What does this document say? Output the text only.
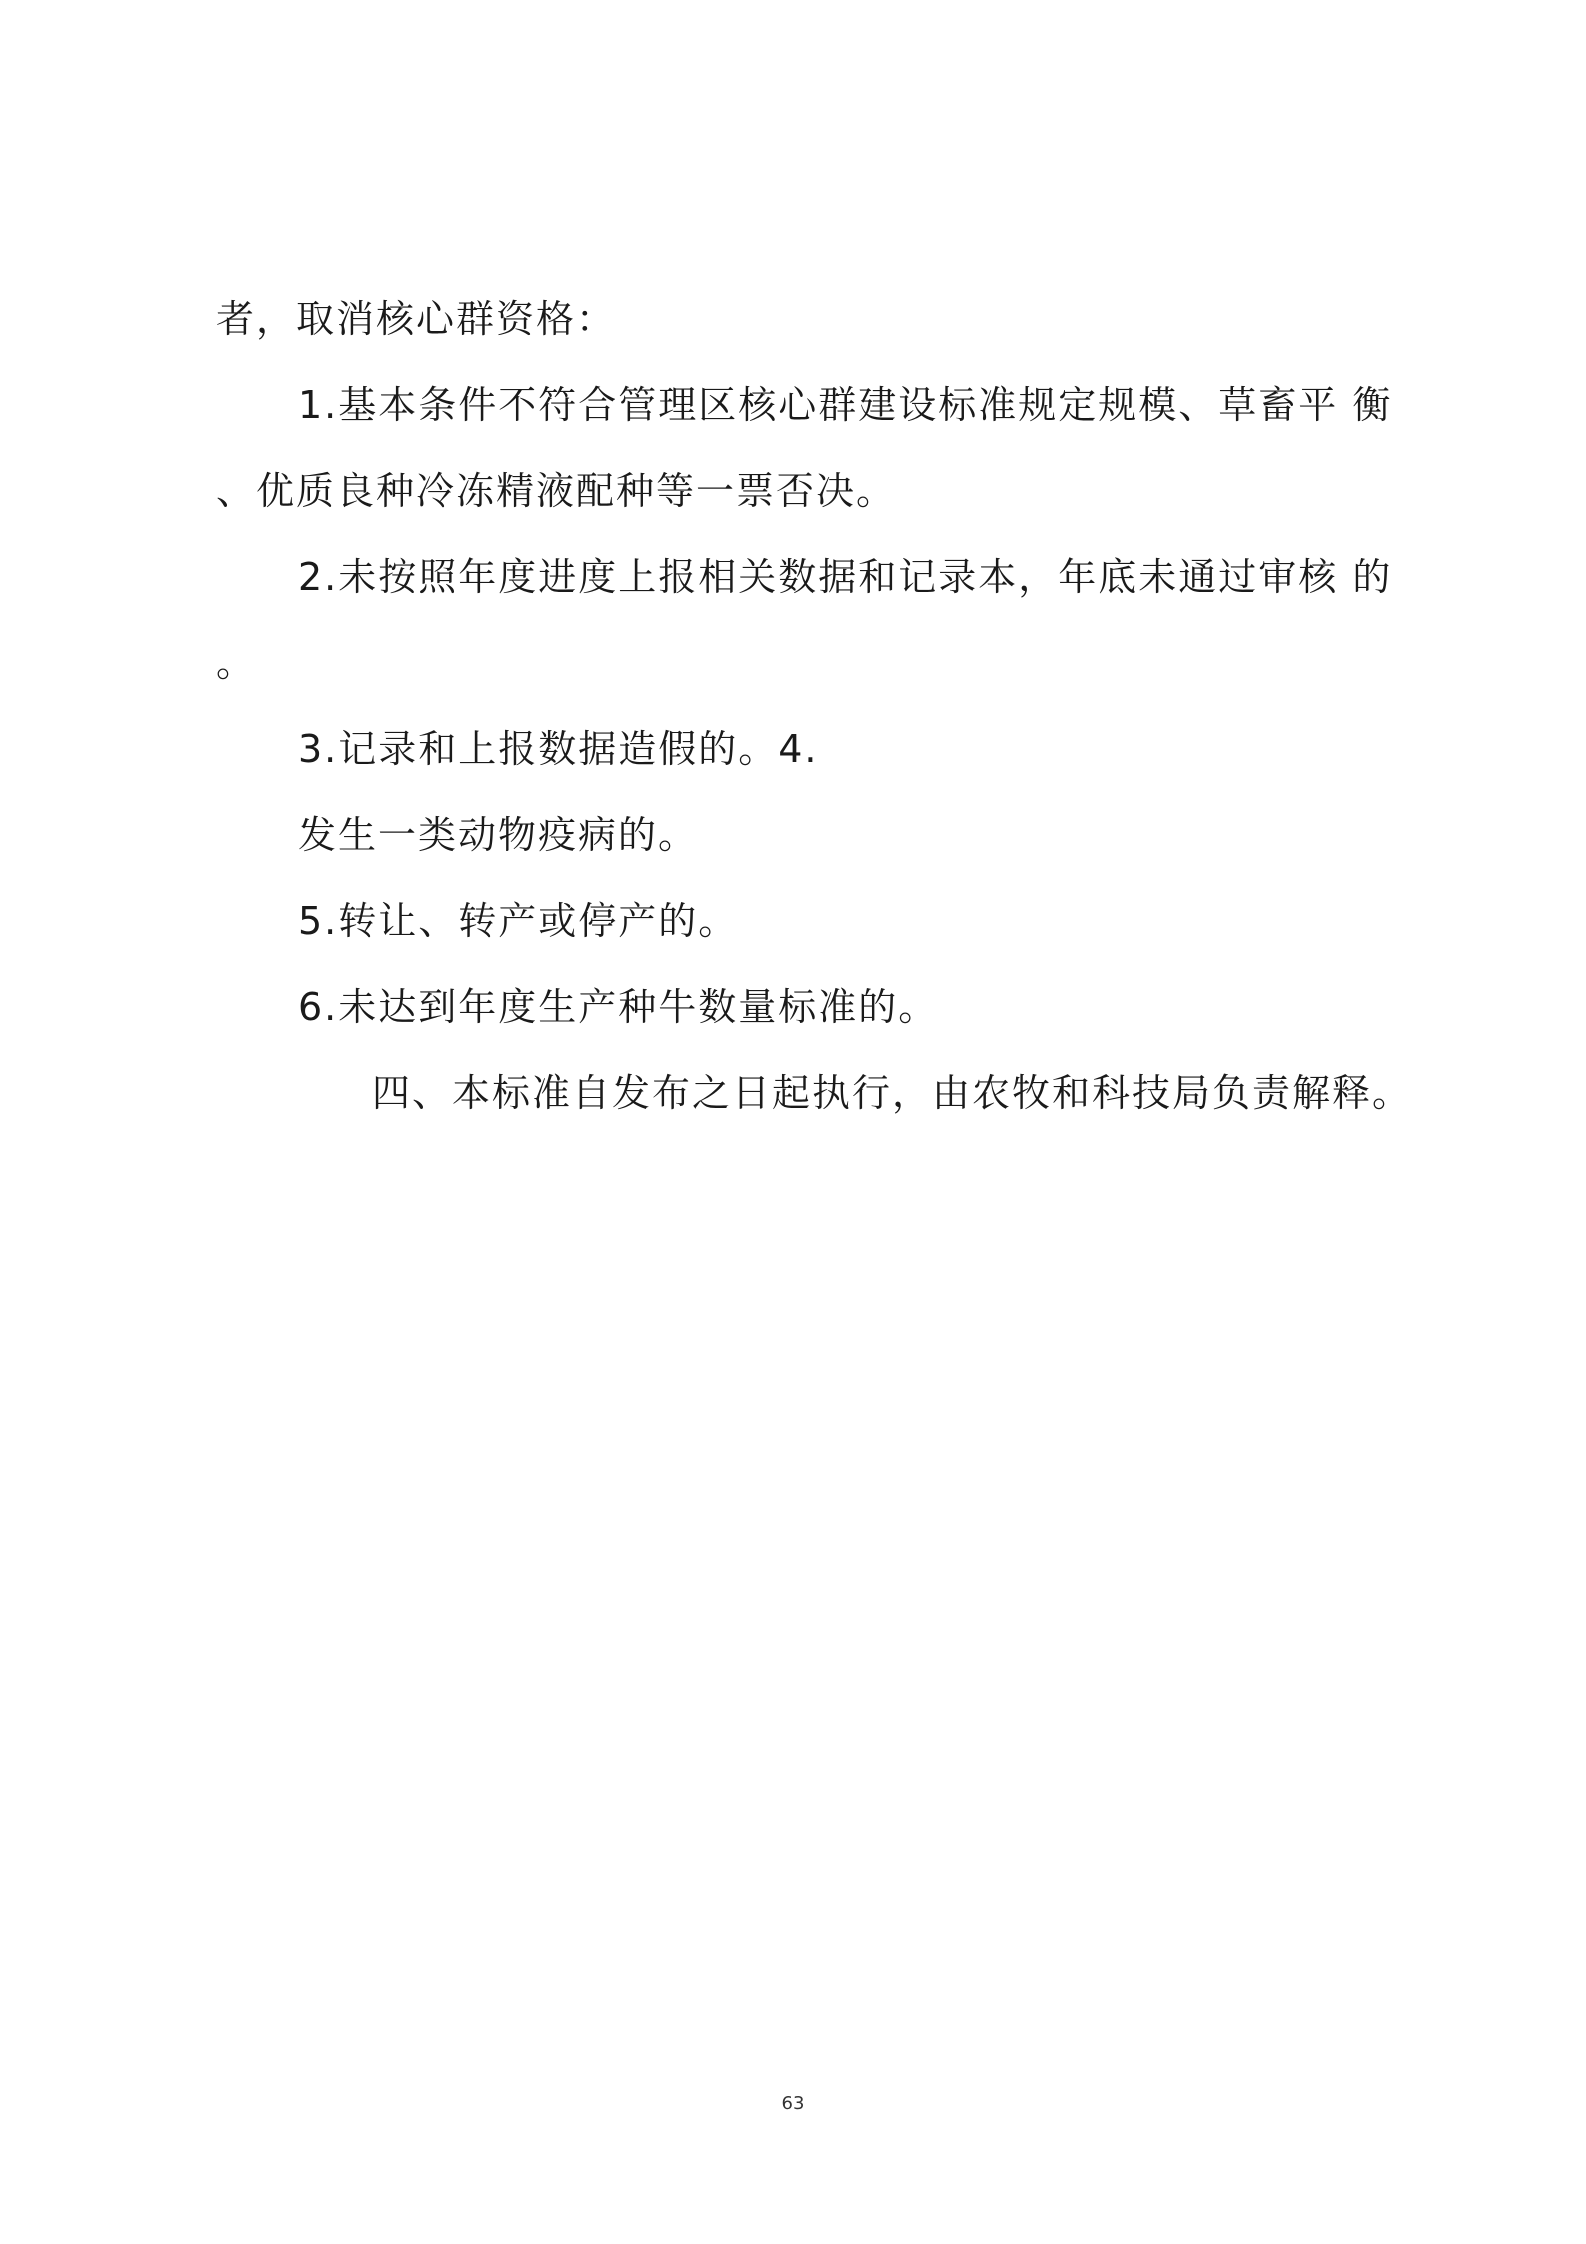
者，取消核心群资格：
1.基本条件不符合管理区核心群建设标准规定规模、草畜平 衡
、优质良种冷冻精液配种等一票否决。
2.未按照年度进度上报相关数据和记录本，年底未通过审核 的
。
3.记录和上报数据造假的。4.
发生一类动物疫病的。
5.转让、转产或停产的。
6.未达到年度生产种牛数量标准的。
四、本标准自发布之日起执行，由农牧和科技局负责解释。
63
